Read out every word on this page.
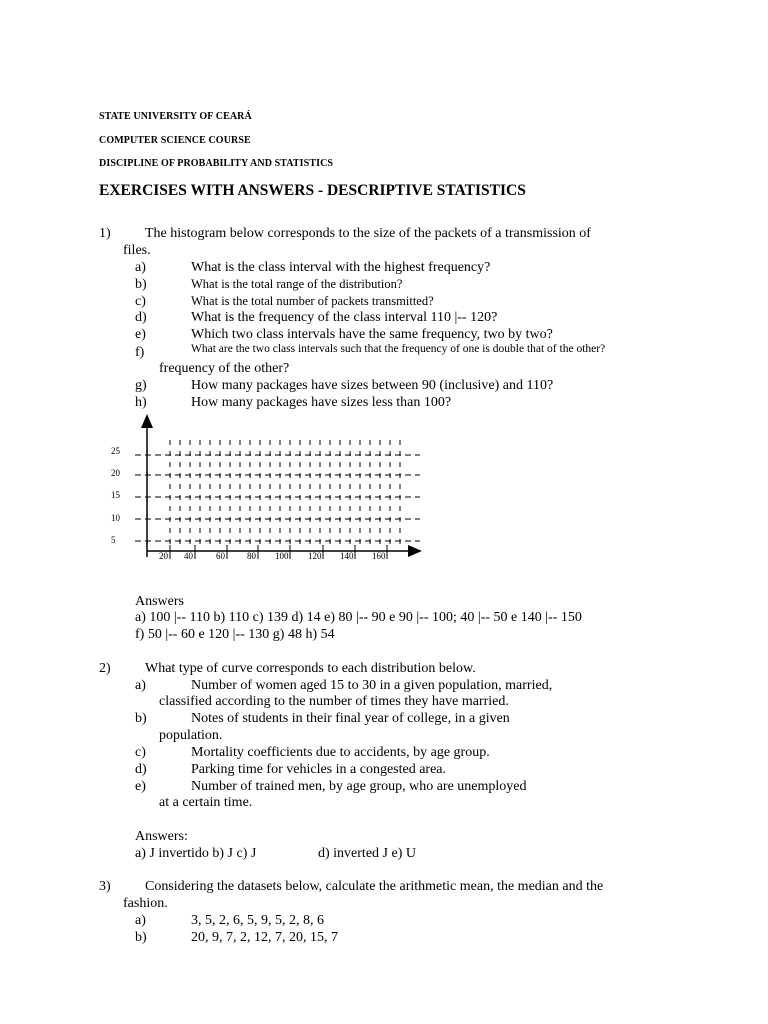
STATE UNIVERSITY OF CEARÁ
COMPUTER SCIENCE COURSE
DISCIPLINE OF PROBABILITY AND STATISTICS
EXERCISES WITH ANSWERS - DESCRIPTIVE STATISTICS
1) The histogram below corresponds to the size of the packets of a transmission of
files.
a)	What is the class interval with the highest frequency?
b)	What is the total range of the distribution?
c)	What is the total number of packets transmitted?
d)	What is the frequency of the class interval 110 |-- 120?
e)	Which two class intervals have the same frequency, two by two?
f)	What are the two class intervals such that the frequency of one is double that of the other?
frequency of the other?
g)	How many packages have sizes between 90 (inclusive) and 110?
h)	How many packages have sizes less than 100?
25
20
15
10
5
20 40	60 80 100 120 140 160
Answers
a) 100 |-- 110 b) 110 c) 139 d) 14 e) 80 |-- 90 e 90 |-- 100; 40 |-- 50 e 140 |-- 150
f) 50 |-- 60 e 120 |-- 130 g) 48 h) 54
2) What type of curve corresponds to each distribution below.
a)	Number of women aged 15 to 30 in a given population, married,
classified according to the number of times they have married.
b)	Notes of students in their final year of college, in a given
population.
c)	Mortality coefficients due to accidents, by age group.
d)	Parking time for vehicles in a congested area.
e)	Number of trained men, by age group, who are unemployed
at a certain time.
Answers:
a) J invertido b) J c) J	d) inverted J e) U
3) Considering the datasets below, calculate the arithmetic mean, the median and the
fashion.
a)	3, 5, 2, 6, 5, 9, 5, 2, 8, 6
b)	20, 9, 7, 2, 12, 7, 20, 15, 7
